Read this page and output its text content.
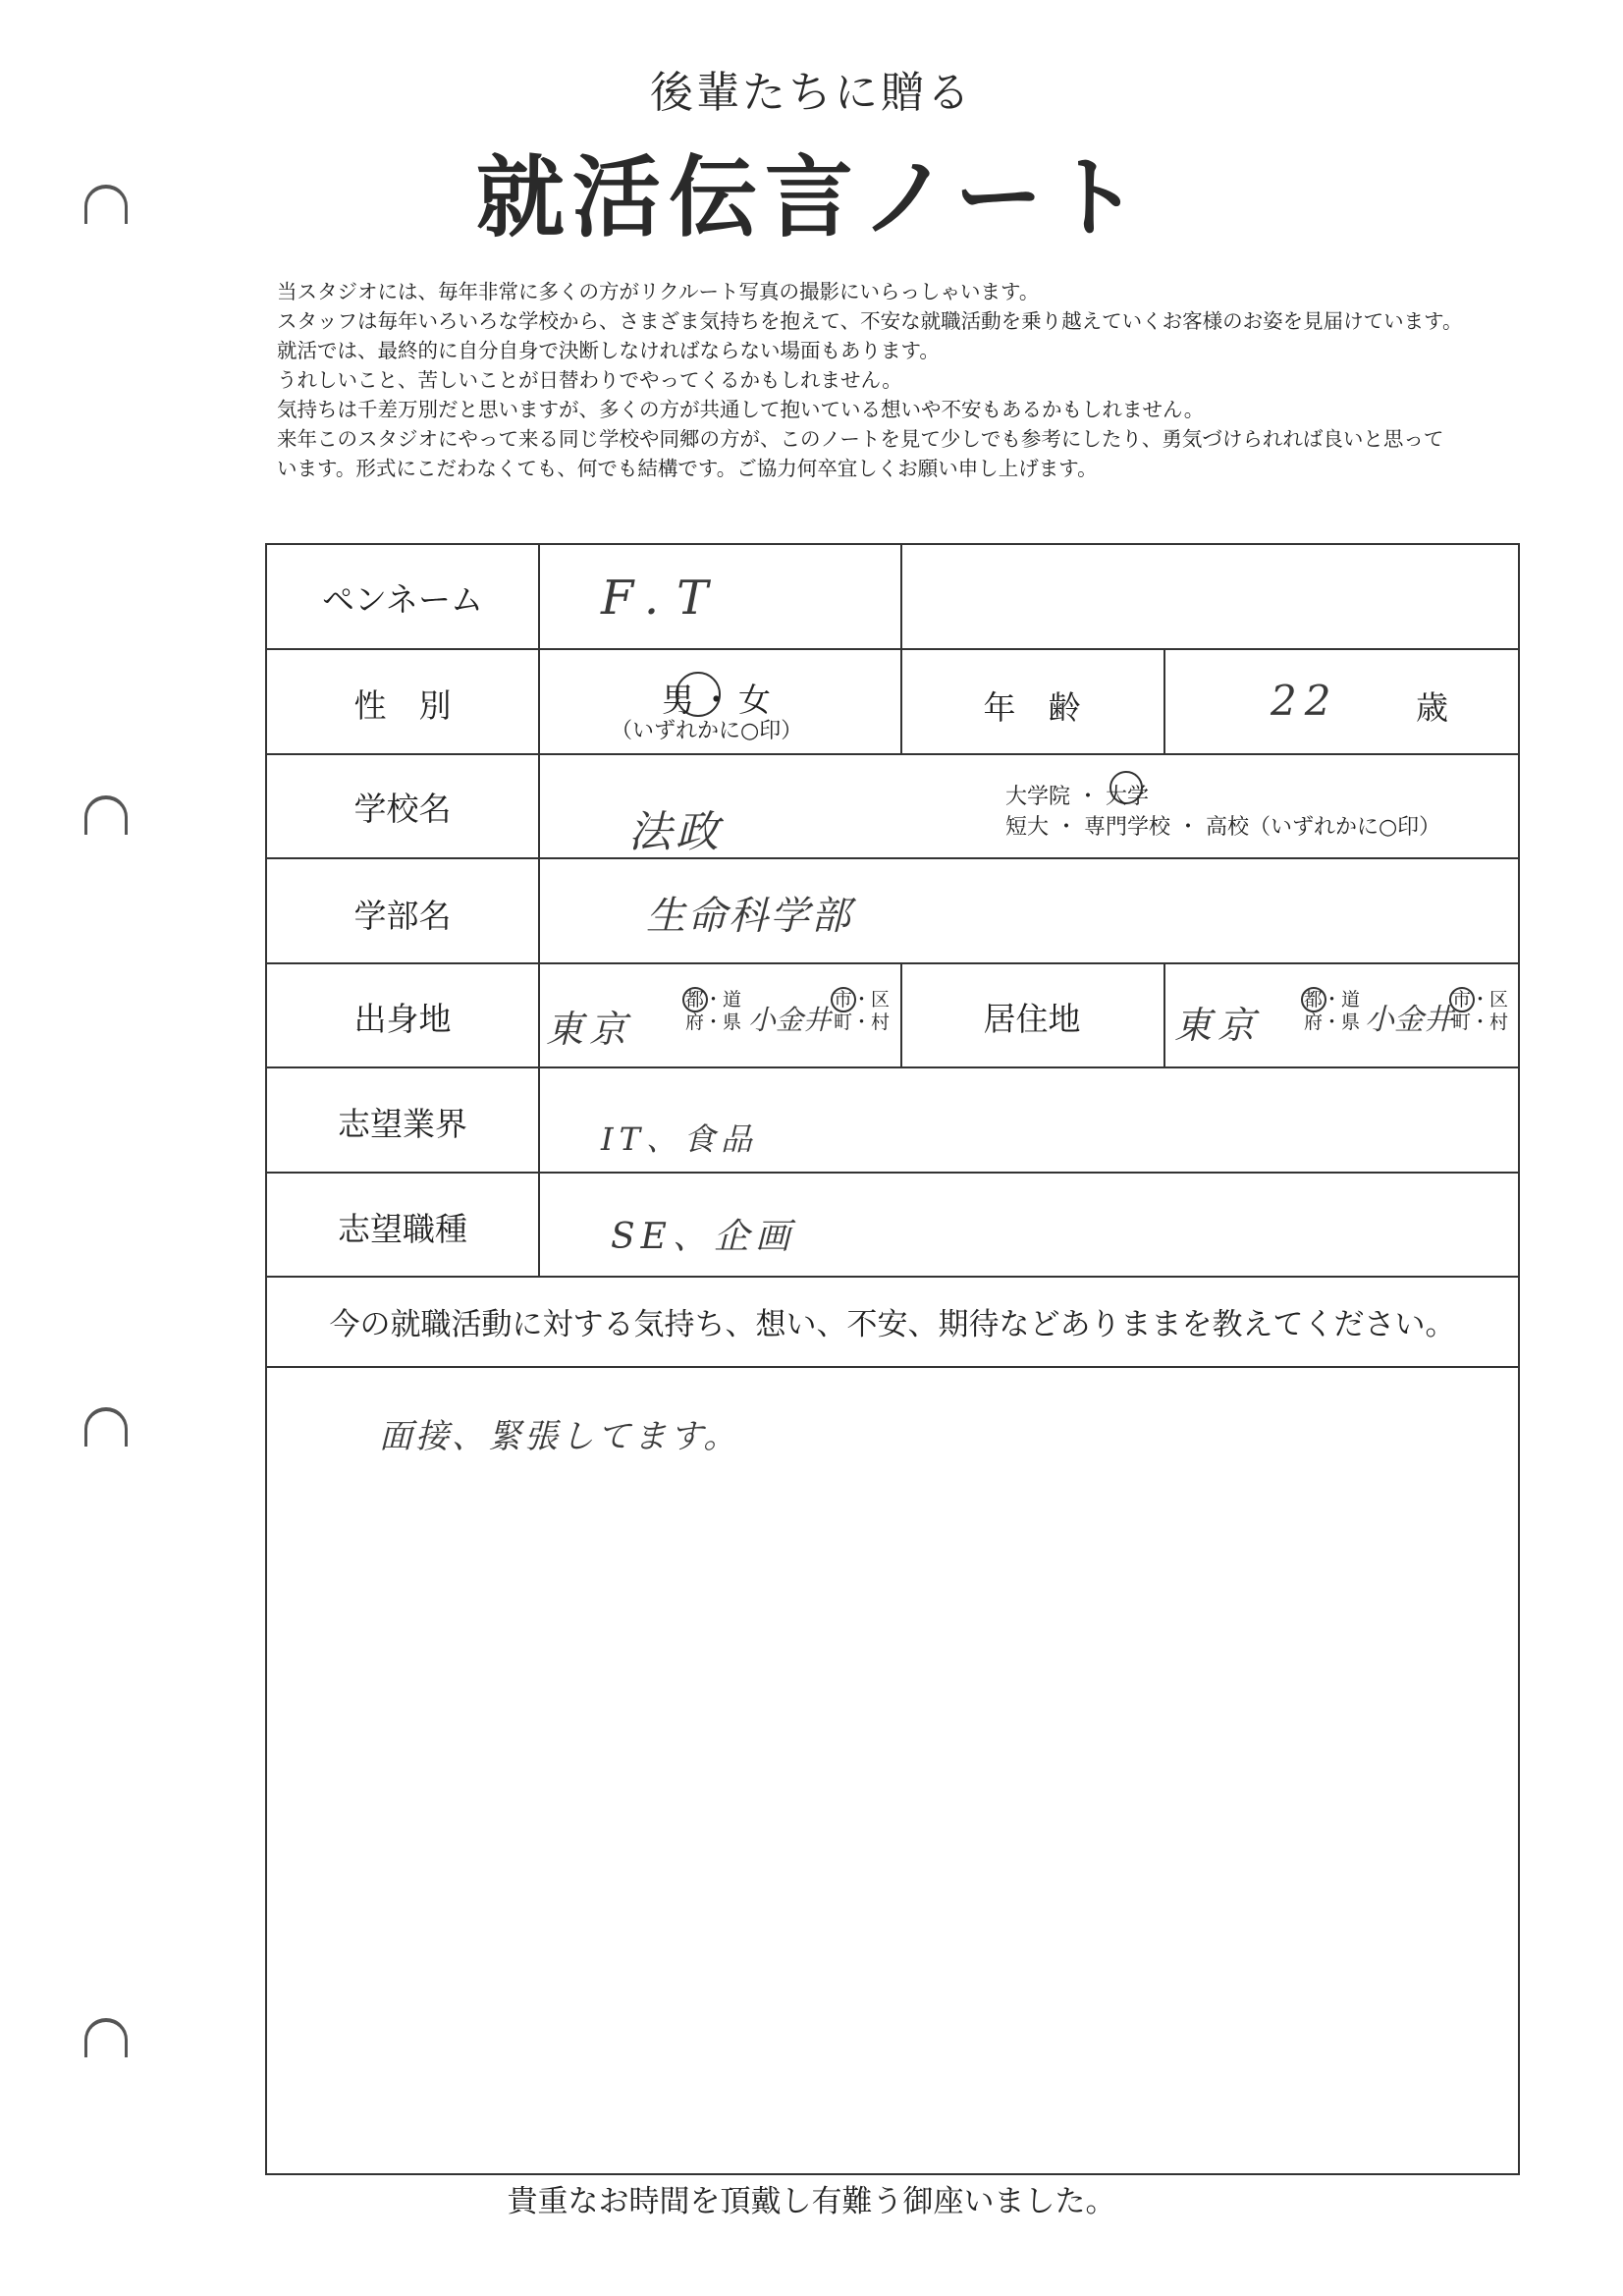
後輩たちに贈る
就活伝言ノート
当スタジオには、毎年非常に多くの方がリクルート写真の撮影にいらっしゃいます。
スタッフは毎年いろいろな学校から、さまざま気持ちを抱えて、不安な就職活動を乗り越えていくお客様のお姿を見届けています。
就活では、最終的に自分自身で決断しなければならない場面もあります。
うれしいこと、苦しいことが日替わりでやってくるかもしれません。
気持ちは千差万別だと思いますが、多くの方が共通して抱いている想いや不安もあるかもしれません。
来年このスタジオにやって来る同じ学校や同郷の方が、このノートを見て少しでも参考にしたり、勇気づけられれば良いと思って
います。形式にこだわなくても、何でも結構です。ご協力何卒宜しくお願い申し上げます。
ペンネーム	F.T
性　別	男・女
（いずれかに○印）
年　齢	22 歳
学校名	法政
大学院 ・ 大学
短大 ・ 専門学校 ・ 高校（いずれかに○印）
学部名	生命科学部
出身地	東京
都・道
府・県 小金井
市・区
町・村	居住地	東京
都・道
府・県 小金井
市・区
町・村
志望業界	IT、食品
志望職種	SE、企画
今の就職活動に対する気持ち、想い、不安、期待などありままを教えてください。
面接、緊張してます。
貴重なお時間を頂戴し有難う御座いました。
